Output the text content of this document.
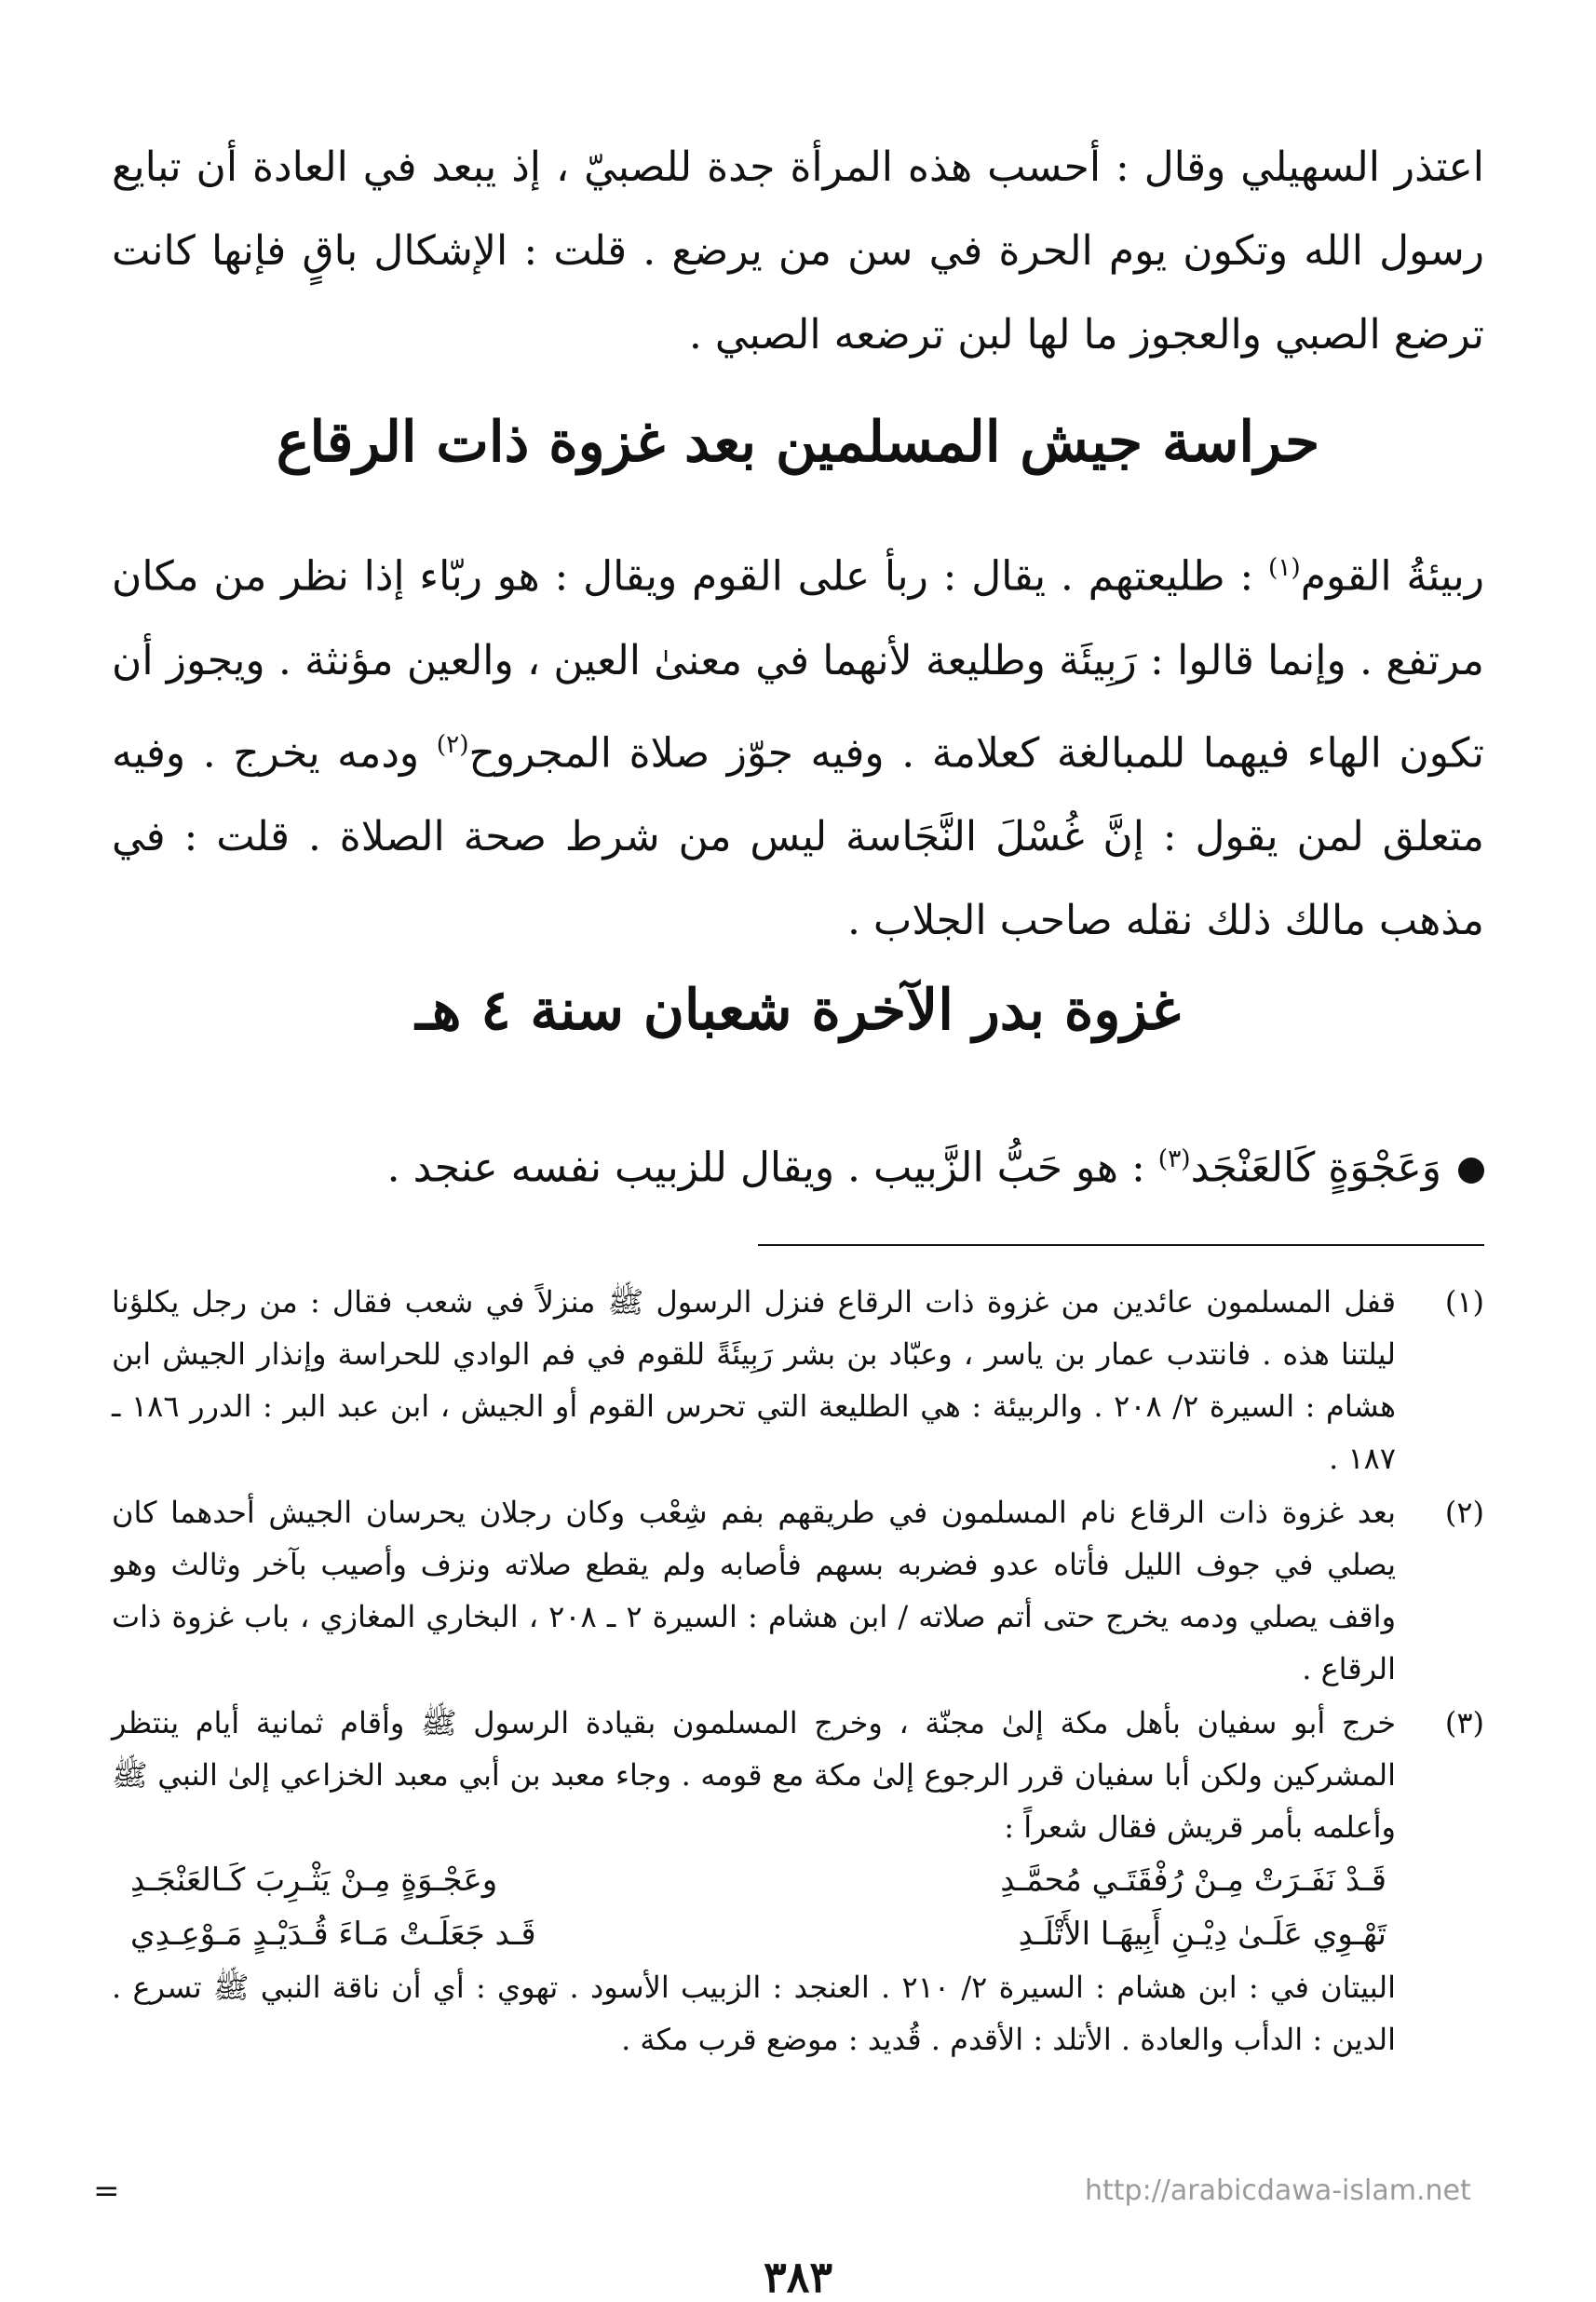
اعتذر السهيلي وقال : أحسب هذه المرأة جدة للصبيّ ، إذ يبعد في العادة أن تبايع رسول الله وتكون يوم الحرة في سن من يرضع . قلت : الإشكال باقٍ فإنها كانت ترضع الصبي والعجوز ما لها لبن ترضعه الصبي .

حراسة جيش المسلمين بعد غزوة ذات الرقاع

ربيئةُ القوم$^{(١)}$ : طليعتهم . يقال : ربأ على القوم ويقال : هو ربّاء إذا نظر من مكان مرتفع . وإنما قالوا : رَبِيئَة وطليعة لأنهما في معنىٰ العين ، والعين مؤنثة . ويجوز أن تكون الهاء فيهما للمبالغة كعلامة . وفيه جوّز صلاة المجروح$^{(٢)}$ ودمه يخرج . وفيه متعلق لمن يقول : إنَّ غُسْلَ النَّجَاسة ليس من شرط صحة الصلاة . قلت : في مذهب مالك ذلك نقله صاحب الجلاب .

غزوة بدر الآخرة شعبان سنة ٤ هـ
وَعَجْوَةٍ كَالعَنْجَد$^{(٣)}$ : هو حَبُّ الزَّبيب . ويقال للزبيب نفسه عنجد .
(١)
قفل المسلمون عائدين من غزوة ذات الرقاع فنزل الرسول ﷺ منزلاً في شعب فقال : من رجل يكلؤنا ليلتنا هذه . فانتدب عمار بن ياسر ، وعبّاد بن بشر رَبِيئَةً للقوم في فم الوادي للحراسة وإنذار الجيش ابن هشام : السيرة ٢/ ٢٠٨ . والربيئة : هي الطليعة التي تحرس القوم أو الجيش ، ابن عبد البر : الدرر ١٨٦ ـ ١٨٧ .
(٢)
بعد غزوة ذات الرقاع نام المسلمون في طريقهم بفم شِعْب وكان رجلان يحرسان الجيش أحدهما كان يصلي في جوف الليل فأتاه عدو فضربه بسهم فأصابه ولم يقطع صلاته ونزف وأصيب بآخر وثالث وهو واقف يصلي ودمه يخرج حتى أتم صلاته / ابن هشام : السيرة ٢ ـ ٢٠٨ ، البخاري المغازي ، باب غزوة ذات الرقاع .
(٣)
خرج أبو سفيان بأهل مكة إلىٰ مجنّة ، وخرج المسلمون بقيادة الرسول ﷺ وأقام ثمانية أيام ينتظر المشركين ولكن أبا سفيان قرر الرجوع إلىٰ مكة مع قومه . وجاء معبد بن أبي معبد الخزاعي إلىٰ النبي ﷺ وأعلمه بأمر قريش فقال شعراً :
قَـدْ نَفَـرَتْ مِـنْ رُفْقَتَـي مُحمَّـدِ
وعَجْـوَةٍ مِـنْ يَثْـرِبَ كَـالعَنْجَـدِ
تَهْـوِي عَلَـىٰ دِيْـنِ أَبِيهَـا الأَتْلَـدِ
قَـد جَعَلَـتْ مَـاءَ قُـدَيْـدٍ مَـوْعِـدِي
البيتان في : ابن هشام : السيرة ٢/ ٢١٠ . العنجد : الزبيب الأسود . تهوي : أي أن ناقة النبي ﷺ تسرع . الدين : الدأب والعادة . الأتلد : الأقدم . قُديد : موضع قرب مكة .
=	http://arabicdawa-islam.net
٣٨٣
